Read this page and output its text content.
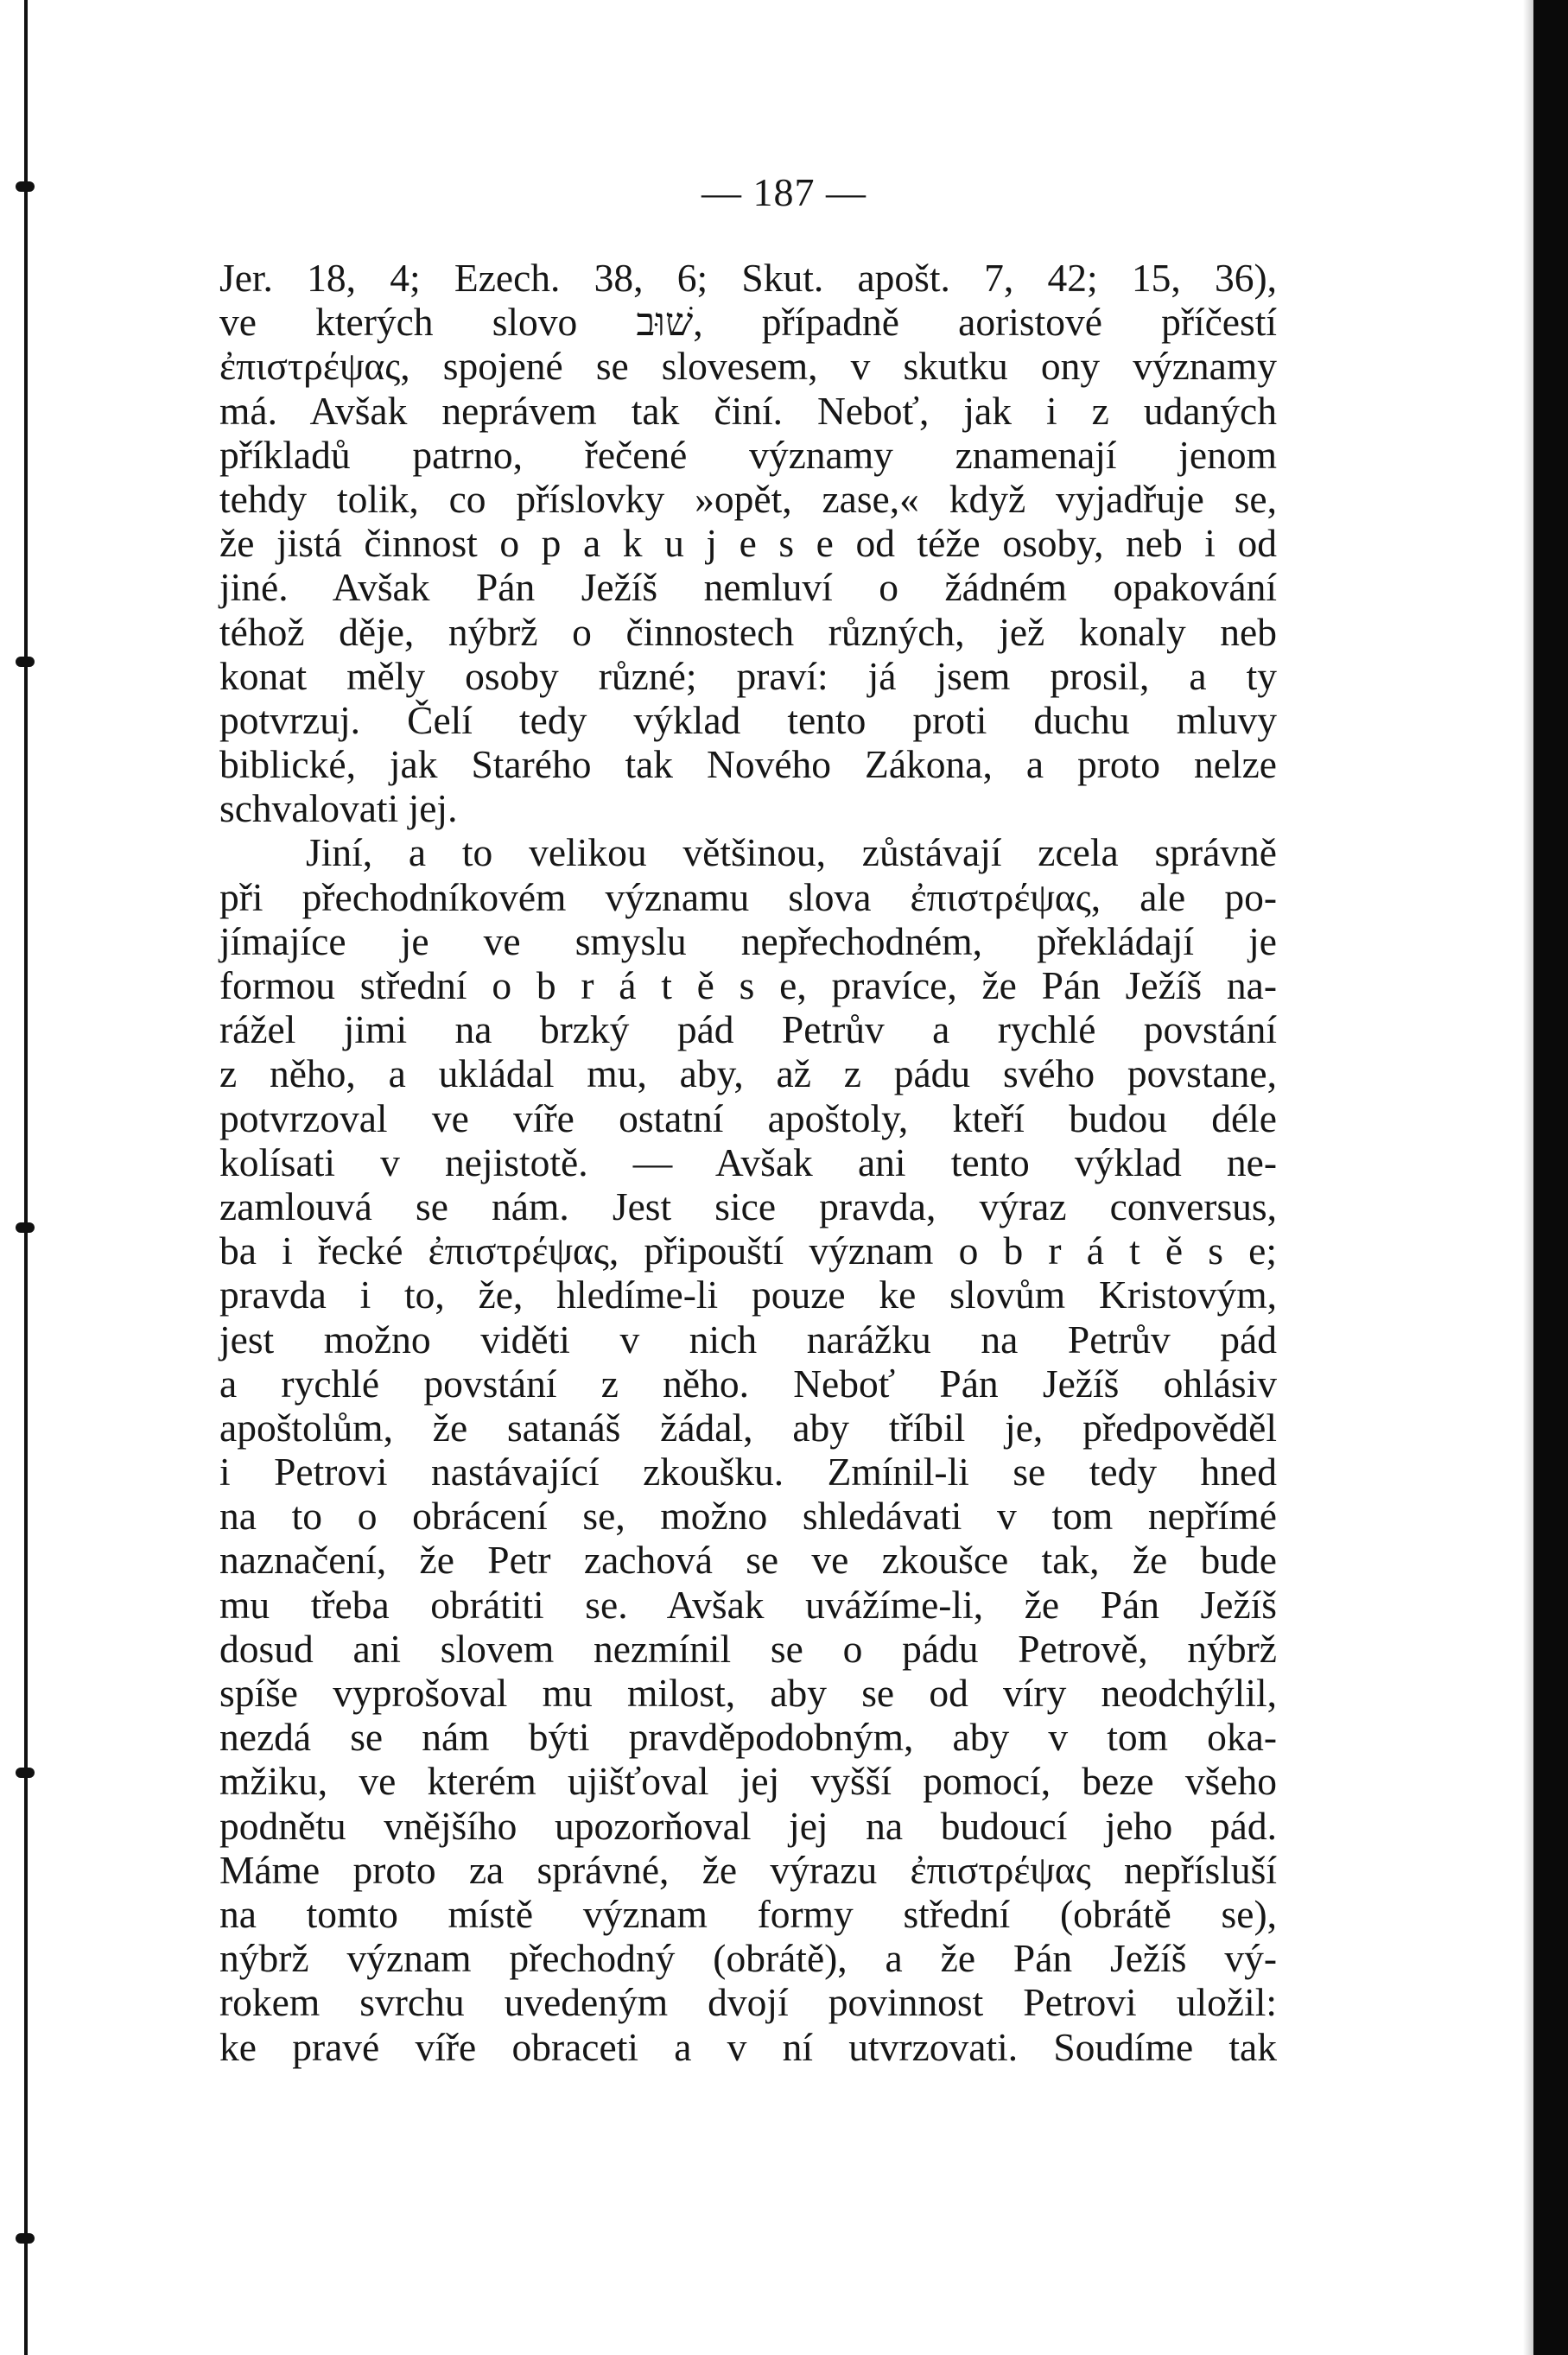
— 187 —
Jer. 18, 4; Ezech. 38, 6; Skut. apošt. 7, 42; 15, 36),
ve kterých slovo שׁוּב, případně aoristové příčestí
ἐπιστρέψας, spojené se slovesem, v skutku ony významy
má. Avšak neprávem tak činí. Neboť, jak i z udaných
příkladů patrno, řečené významy znamenají jenom
tehdy tolik, co příslovky »opět, zase,« když vyjadřuje se,
že jistá činnost o p a k u j e s e od téže osoby, neb i od
jiné. Avšak Pán Ježíš nemluví o žádném opakování
téhož děje, nýbrž o činnostech různých, jež konaly neb
konat měly osoby různé; praví: já jsem prosil, a ty
potvrzuj. Čelí tedy výklad tento proti duchu mluvy
biblické, jak Starého tak Nového Zákona, a proto nelze
schvalovati jej.
Jiní, a to velikou většinou, zůstávají zcela správně
při přechodníkovém významu slova ἐπιστρέψας, ale po-
jímajíce je ve smyslu nepřechodném, překládají je
formou střední o b r á t ě s e, pravíce, že Pán Ježíš na-
rážel jimi na brzký pád Petrův a rychlé povstání
z něho, a ukládal mu, aby, až z pádu svého povstane,
potvrzoval ve víře ostatní apoštoly, kteří budou déle
kolísati v nejistotě. — Avšak ani tento výklad ne-
zamlouvá se nám. Jest sice pravda, výraz conversus,
ba i řecké ἐπιστρέψας, připouští význam o b r á t ě s e;
pravda i to, že, hledíme-li pouze ke slovům Kristovým,
jest možno viděti v nich narážku na Petrův pád
a rychlé povstání z něho. Neboť Pán Ježíš ohlásiv
apoštolům, že satanáš žádal, aby tříbil je, předpověděl
i Petrovi nastávající zkoušku. Zmínil-li se tedy hned
na to o obrácení se, možno shledávati v tom nepřímé
naznačení, že Petr zachová se ve zkoušce tak, že bude
mu třeba obrátiti se. Avšak uvážíme-li, že Pán Ježíš
dosud ani slovem nezmínil se o pádu Petrově, nýbrž
spíše vyprošoval mu milost, aby se od víry neodchýlil,
nezdá se nám býti pravděpodobným, aby v tom oka-
mžiku, ve kterém ujišťoval jej vyšší pomocí, beze všeho
podnětu vnějšího upozorňoval jej na budoucí jeho pád.
Máme proto za správné, že výrazu ἐπιστρέψας nepřísluší
na tomto místě význam formy střední (obrátě se),
nýbrž význam přechodný (obrátě), a že Pán Ježíš vý-
rokem svrchu uvedeným dvojí povinnost Petrovi uložil:
ke pravé víře obraceti a v ní utvrzovati. Soudíme tak
